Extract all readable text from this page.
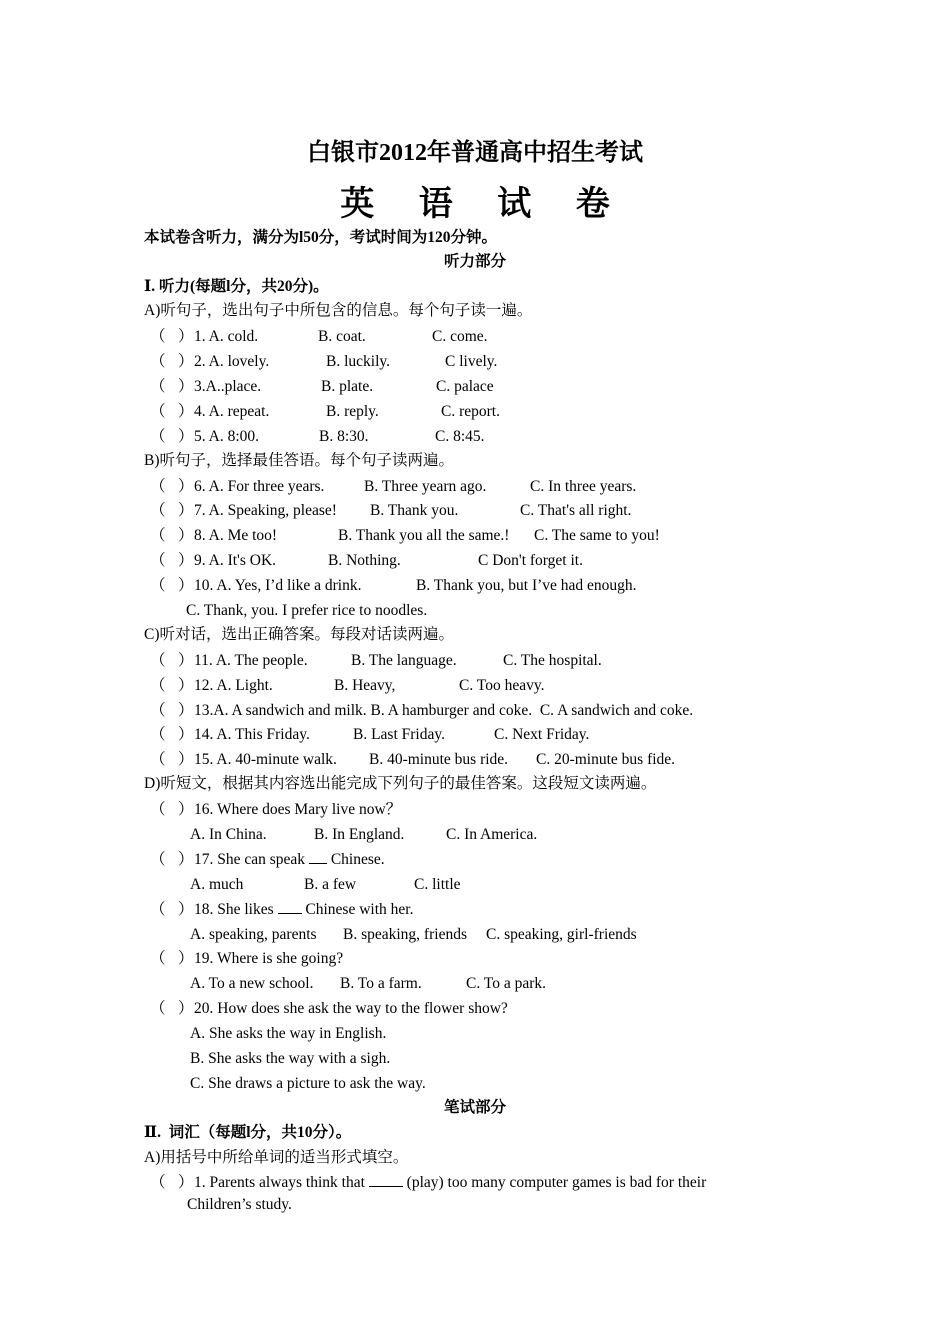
白银市2012年普通高中招生考试
英 语 试 卷
本试卷含听力，满分为l50分，考试时间为120分钟。
听力部分
Ⅰ. 听力(每题l分，共20分)。
A)听句子，选出句子中所包含的信息。每个句子读一遍。
（ ） 1. A. cold.	B. coat.	C. come.
（ ） 2. A. lovely.	B. luckily.	C lively.
（ ） 3.A..place.	B. plate.	C. palace
（ ） 4. A. repeat.	B. reply.	C. report.
（ ） 5. A. 8:00.	B. 8:30.	C. 8:45.
B)听句子，选择最佳答语。每个句子读两遍。
（ ） 6. A. For three years.	B. Three yearn ago.	C. In three years.
（ ） 7. A. Speaking, please! B. Thank you.	C. That's all right.
（ ） 8. A. Me too!	B. Thank you all the same.! C. The same to you!
（ ） 9. A. It's OK.	B. Nothing.	C Don't forget it.
（ ） 10. A. Yes, I’d like a drink.	B. Thank you, but I’ve had enough.
C. Thank, you. I prefer rice to noodles.
C)听对话，选出正确答案。每段对话读两遍。
（ ） 11. A. The people.	B. The language.	C. The hospital.
（ ） 12. A. Light.	B. Heavy,	C. Too heavy.
（ ） 13.A. A sandwich and milk. B. A hamburger and coke.  C. A sandwich and coke.
（ ） 14. A. This Friday.	B. Last Friday.	C. Next Friday.
（ ） 15. A. 40-minute walk. B. 40-minute bus ride. C. 20-minute bus fide.
D)听短文，根据其内容选出能完成下列句子的最佳答案。这段短文读两遍。
（ ） 16. Where does Mary live now？
A. In China.	B. In England.	C. In America.
（ ） 17. She can speak  Chinese.
A. much	B. a few	C. little
（ ） 18. She likes  Chinese with her.
A. speaking, parents B. speaking, friends C. speaking, girl-friends
（ ） 19. Where is she going?
A. To a new school. B. To a farm.	C. To a park.
（ ） 20. How does she ask the way to the flower show?
A. She asks the way in English.
B. She asks the way with a sigh.
C. She draws a picture to ask the way.
笔试部分
Ⅱ.  词汇（每题l分，共10分）。
A)用括号中所给单词的适当形式填空。
（ ） 1. Parents always think that  (play) too many computer games is bad for their
Children’s study.
